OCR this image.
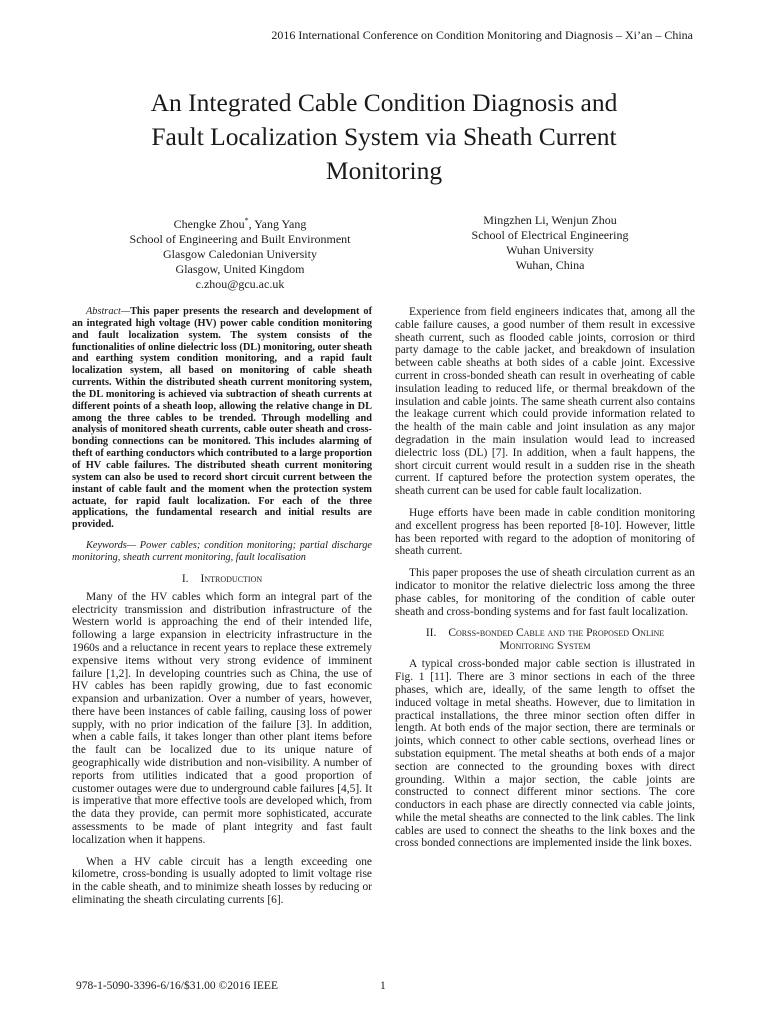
2016 International Conference on Condition Monitoring and Diagnosis – Xi’an – China
An Integrated Cable Condition Diagnosis and
Fault Localization System via Sheath Current
Monitoring
Chengke Zhou*, Yang Yang
School of Engineering and Built Environment
Glasgow Caledonian University
Glasgow, United Kingdom
c.zhou@gcu.ac.uk
Mingzhen Li, Wenjun Zhou
School of Electrical Engineering
Wuhan University
Wuhan, China

Abstract—This paper presents the research and development of an integrated high voltage (HV) power cable condition monitoring and fault localization system. The system consists of the functionalities of online dielectric loss (DL) monitoring, outer sheath and earthing system condition monitoring, and a rapid fault localization system, all based on monitoring of cable sheath currents. Within the distributed sheath current monitoring system, the DL monitoring is achieved via subtraction of sheath currents at different points of a sheath loop, allowing the relative change in DL among the three cables to be trended. Through modelling and analysis of monitored sheath currents, cable outer sheath and cross-bonding connections can be monitored. This includes alarming of theft of earthing conductors which contributed to a large proportion of HV cable failures. The distributed sheath current monitoring system can also be used to record short circuit current between the instant of cable fault and the moment when the protection system actuate, for rapid fault localization. For each of the three applications, the fundamental research and initial results are provided.

Keywords— Power cables; condition monitoring; partial discharge monitoring, sheath current monitoring, fault localisation

I. Introduction

Many of the HV cables which form an integral part of the electricity transmission and distribution infrastructure of the Western world is approaching the end of their intended life, following a large expansion in electricity infrastructure in the 1960s and a reluctance in recent years to replace these extremely expensive items without very strong evidence of imminent failure [1,2]. In developing countries such as China, the use of HV cables has been rapidly growing, due to fast economic expansion and urbanization. Over a number of years, however, there have been instances of cable failing, causing loss of power supply, with no prior indication of the failure [3]. In addition, when a cable fails, it takes longer than other plant items before the fault can be localized due to its unique nature of geographically wide distribution and non-visibility. A number of reports from utilities indicated that a good proportion of customer outages were due to underground cable failures [4,5]. It is imperative that more effective tools are developed which, from the data they provide, can permit more sophisticated, accurate assessments to be made of plant integrity and fast fault localization when it happens.

When a HV cable circuit has a length exceeding one kilometre, cross-bonding is usually adopted to limit voltage rise in the cable sheath, and to minimize sheath losses by reducing or eliminating the sheath circulating currents [6].

Experience from field engineers indicates that, among all the cable failure causes, a good number of them result in excessive sheath current, such as flooded cable joints, corrosion or third party damage to the cable jacket, and breakdown of insulation between cable sheaths at both sides of a cable joint. Excessive current in cross-bonded sheath can result in overheating of cable insulation leading to reduced life, or thermal breakdown of the insulation and cable joints. The same sheath current also contains the leakage current which could provide information related to the health of the main cable and joint insulation as any major degradation in the main insulation would lead to increased dielectric loss (DL) [7]. In addition, when a fault happens, the short circuit current would result in a sudden rise in the sheath current. If captured before the protection system operates, the sheath current can be used for cable fault localization.

Huge efforts have been made in cable condition monitoring and excellent progress has been reported [8-10]. However, little has been reported with regard to the adoption of monitoring of sheath current.

This paper proposes the use of sheath circulation current as an indicator to monitor the relative dielectric loss among the three phase cables, for monitoring of the condition of cable outer sheath and cross-bonding systems and for fast fault localization.

II. Corss-bonded Cable and the Proposed Online
Monitoring System

A typical cross-bonded major cable section is illustrated in Fig. 1 [11]. There are 3 minor sections in each of the three phases, which are, ideally, of the same length to offset the induced voltage in metal sheaths. However, due to limitation in practical installations, the three minor section often differ in length. At both ends of the major section, there are terminals or joints, which connect to other cable sections, overhead lines or substation equipment. The metal sheaths at both ends of a major section are connected to the grounding boxes with direct grounding. Within a major section, the cable joints are constructed to connect different minor sections. The core conductors in each phase are directly connected via cable joints, while the metal sheaths are connected to the link cables. The link cables are used to connect the sheaths to the link boxes and the cross bonded connections are implemented inside the link boxes.

978-1-5090-3396-6/16/$31.00 ©2016 IEEE	1
